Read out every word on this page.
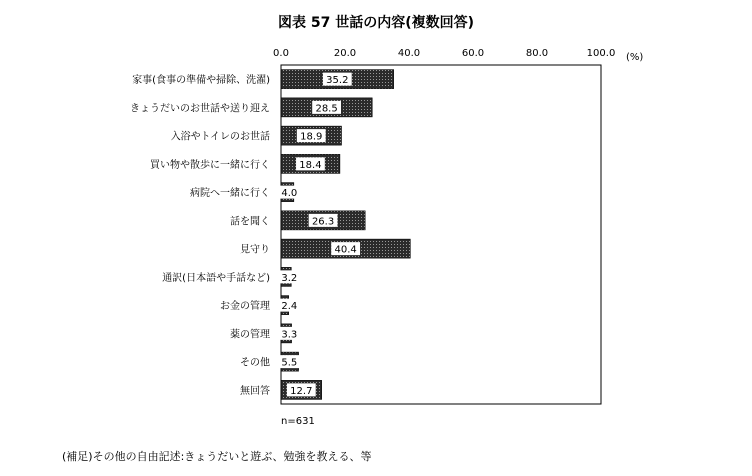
図表 57 世話の内容(複数回答)
(%)
0.0	20.0	40.0	60.0	80.0	100.0
家事(食事の準備や掃除、洗濯)	35.2
きょうだいのお世話や送り迎え	28.5
入浴やトイレのお世話	18.9
買い物や散歩に一緒に行く	18.4
病院へ一緒に行く 4.0
話を聞く	26.3
見守り	40.4
通訳(日本語や手話など) 3.2
お金の管理 2.4
薬の管理 3.3
その他 5.5
無回答 12.7
n=631
(補足)その他の自由記述:きょうだいと遊ぶ、勉強を教える、等
